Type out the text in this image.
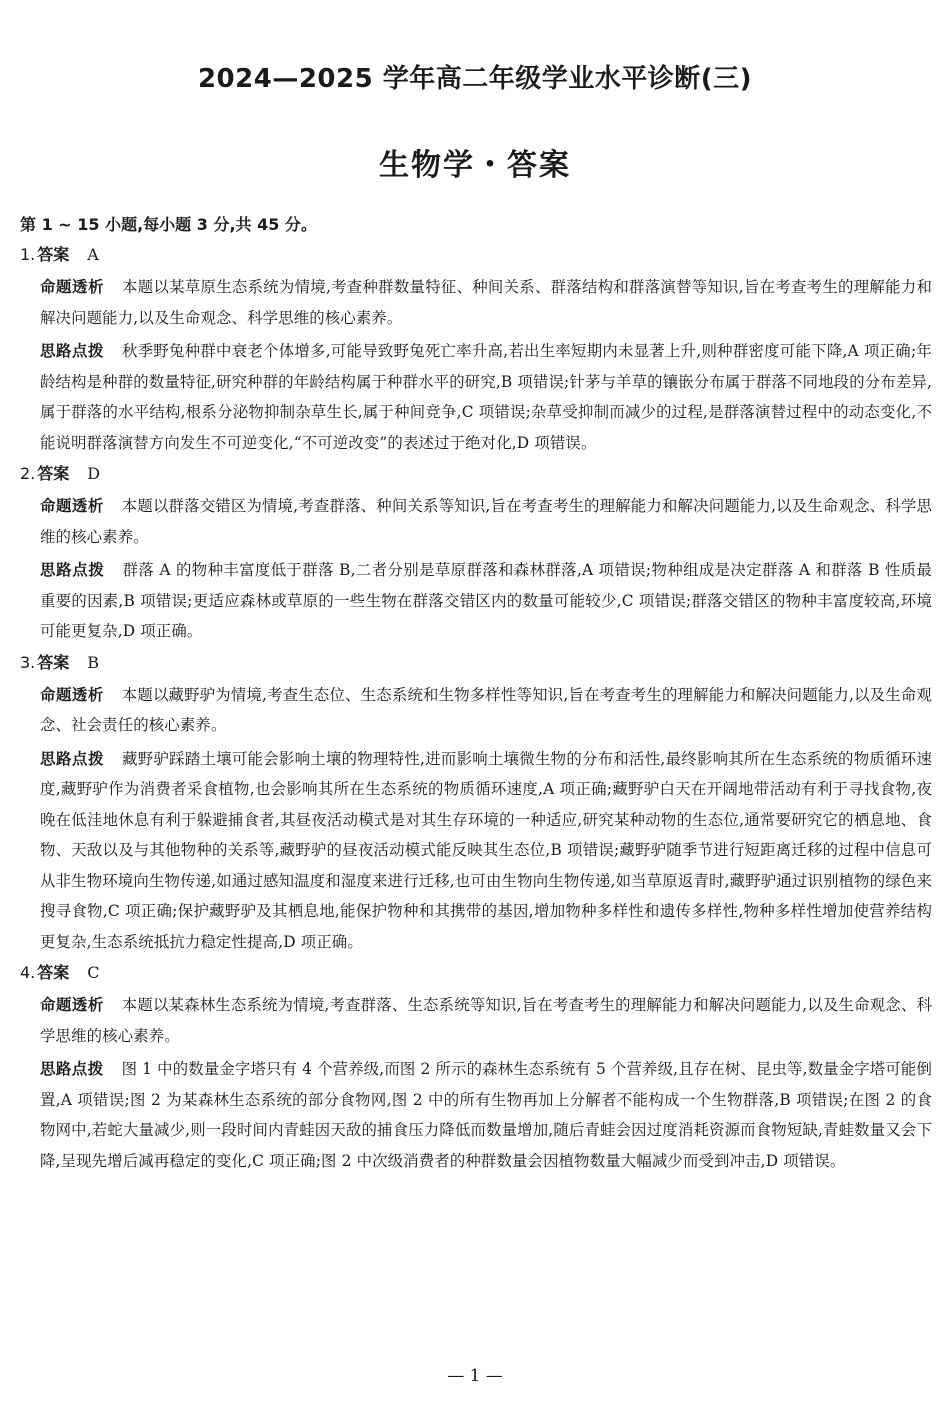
2024—2025 学年高二年级学业水平诊断(三)
生物学・答案

第 1 ~ 15 小题,每小题 3 分,共 45 分。

1. 答案 A

命题透析 本题以某草原生态系统为情境,考查种群数量特征、种间关系、群落结构和群落演替等知识,旨在考查考生的理解能力和解决问题能力,以及生命观念、科学思维的核心素养。

思路点拨 秋季野兔种群中衰老个体增多,可能导致野兔死亡率升高,若出生率短期内未显著上升,则种群密度可能下降,A 项正确;年龄结构是种群的数量特征,研究种群的年龄结构属于种群水平的研究,B 项错误;针茅与羊草的镶嵌分布属于群落不同地段的分布差异,属于群落的水平结构,根系分泌物抑制杂草生长,属于种间竞争,C 项错误;杂草受抑制而减少的过程,是群落演替过程中的动态变化,不能说明群落演替方向发生不可逆变化,“不可逆改变”的表述过于绝对化,D 项错误。

2. 答案 D

命题透析 本题以群落交错区为情境,考查群落、种间关系等知识,旨在考查考生的理解能力和解决问题能力,以及生命观念、科学思维的核心素养。

思路点拨 群落 A 的物种丰富度低于群落 B,二者分别是草原群落和森林群落,A 项错误;物种组成是决定群落 A 和群落 B 性质最重要的因素,B 项错误;更适应森林或草原的一些生物在群落交错区内的数量可能较少,C 项错误;群落交错区的物种丰富度较高,环境可能更复杂,D 项正确。

3. 答案 B

命题透析 本题以藏野驴为情境,考查生态位、生态系统和生物多样性等知识,旨在考查考生的理解能力和解决问题能力,以及生命观念、社会责任的核心素养。

思路点拨 藏野驴踩踏土壤可能会影响土壤的物理特性,进而影响土壤微生物的分布和活性,最终影响其所在生态系统的物质循环速度,藏野驴作为消费者采食植物,也会影响其所在生态系统的物质循环速度,A 项正确;藏野驴白天在开阔地带活动有利于寻找食物,夜晚在低洼地休息有利于躲避捕食者,其昼夜活动模式是对其生存环境的一种适应,研究某种动物的生态位,通常要研究它的栖息地、食物、天敌以及与其他物种的关系等,藏野驴的昼夜活动模式能反映其生态位,B 项错误;藏野驴随季节进行短距离迁移的过程中信息可从非生物环境向生物传递,如通过感知温度和湿度来进行迁移,也可由生物向生物传递,如当草原返青时,藏野驴通过识别植物的绿色来搜寻食物,C 项正确;保护藏野驴及其栖息地,能保护物种和其携带的基因,增加物种多样性和遗传多样性,物种多样性增加使营养结构更复杂,生态系统抵抗力稳定性提高,D 项正确。

4. 答案 C

命题透析 本题以某森林生态系统为情境,考查群落、生态系统等知识,旨在考查考生的理解能力和解决问题能力,以及生命观念、科学思维的核心素养。

思路点拨 图 1 中的数量金字塔只有 4 个营养级,而图 2 所示的森林生态系统有 5 个营养级,且存在树、昆虫等,数量金字塔可能倒置,A 项错误;图 2 为某森林生态系统的部分食物网,图 2 中的所有生物再加上分解者不能构成一个生物群落,B 项错误;在图 2 的食物网中,若蛇大量减少,则一段时间内青蛙因天敌的捕食压力降低而数量增加,随后青蛙会因过度消耗资源而食物短缺,青蛙数量又会下降,呈现先增后减再稳定的变化,C 项正确;图 2 中次级消费者的种群数量会因植物数量大幅减少而受到冲击,D 项错误。

— 1 —
